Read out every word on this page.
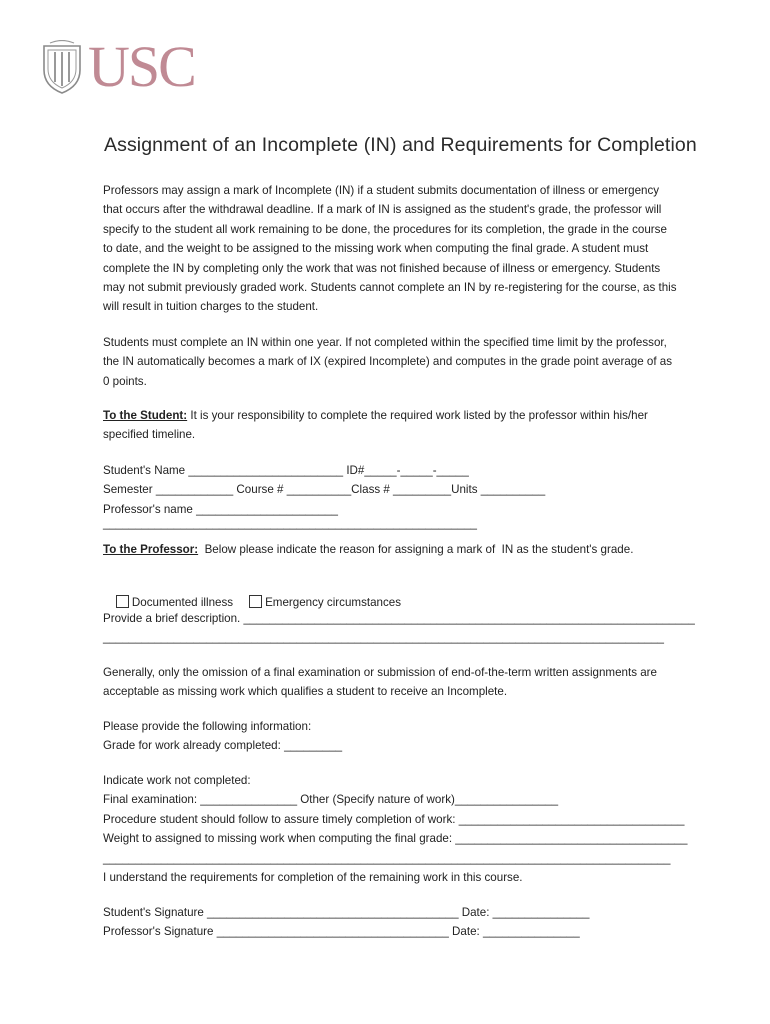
USC
Assignment of an Incomplete (IN) and Requirements for Completion
Professors may assign a mark of Incomplete (IN) if a student submits documentation of illness or emergency
that occurs after the withdrawal deadline. If a mark of IN is assigned as the student's grade, the professor will
specify to the student all work remaining to be done, the procedures for its completion, the grade in the course
to date, and the weight to be assigned to the missing work when computing the final grade. A student must
complete the IN by completing only the work that was not finished because of illness or emergency. Students
may not submit previously graded work. Students cannot complete an IN by re-registering for the course, as this
will result in tuition charges to the student.
Students must complete an IN within one year. If not completed within the specified time limit by the professor,
the IN automatically becomes a mark of IX (expired Incomplete) and computes in the grade point average of as
0 points.
To the Student: It is your responsibility to complete the required work listed by the professor within his/her
specified timeline.
Student's Name ________________________ ID#_____-_____-_____
Semester ____________ Course # __________Class # _________Units __________
Professor's name ______________________
__________________________________________________________
To the Professor:  Below please indicate the reason for assigning a mark of  IN as the student's grade.

Documented illness	Emergency circumstances

Provide a brief description. ______________________________________________________________________
_______________________________________________________________________________________
Generally, only the omission of a final examination or submission of end-of-the-term written assignments are
acceptable as missing work which qualifies a student to receive an Incomplete.
Please provide the following information:
Grade for work already completed: _________
Indicate work not completed:
Final examination: _______________ Other (Specify nature of work)________________
Procedure student should follow to assure timely completion of work: ___________________________________
Weight to assigned to missing work when computing the final grade: ____________________________________
________________________________________________________________________________________
I understand the requirements for completion of the remaining work in this course.
Student's Signature _______________________________________ Date: _______________
Professor's Signature ____________________________________ Date: _______________
